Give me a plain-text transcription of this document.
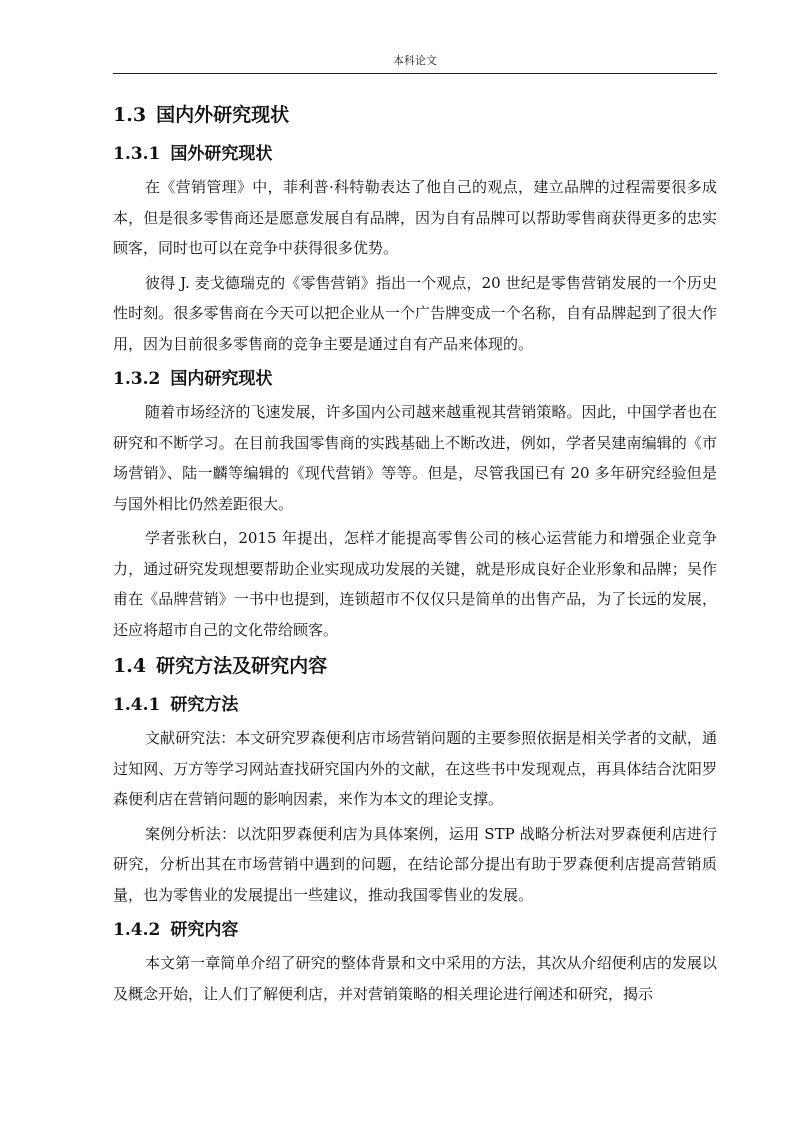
本科论文
1.3 国内外研究现状
1.3.1 国外研究现状

在《营销管理》中，菲利普·科特勒表达了他自己的观点，建立品牌的过程需要很多成本，但是很多零售商还是愿意发展自有品牌，因为自有品牌可以帮助零售商获得更多的忠实顾客，同时也可以在竞争中获得很多优势。

彼得 J. 麦戈德瑞克的《零售营销》指出一个观点，20 世纪是零售营销发展的一个历史性时刻。很多零售商在今天可以把企业从一个广告牌变成一个名称，自有品牌起到了很大作用，因为目前很多零售商的竞争主要是通过自有产品来体现的。

1.3.2 国内研究现状

随着市场经济的飞速发展，许多国内公司越来越重视其营销策略。因此，中国学者也在研究和不断学习。在目前我国零售商的实践基础上不断改进，例如，学者吴建南编辑的《市场营销》、陆一麟等编辑的《现代营销》等等。但是，尽管我国已有 20 多年研究经验但是与国外相比仍然差距很大。

学者张秋白，2015 年提出，怎样才能提高零售公司的核心运营能力和增强企业竞争力，通过研究发现想要帮助企业实现成功发展的关键，就是形成良好企业形象和品牌；吴作甫在《品牌营销》一书中也提到，连锁超市不仅仅只是简单的出售产品，为了长远的发展，还应将超市自己的文化带给顾客。

1.4 研究方法及研究内容
1.4.1 研究方法

文献研究法：本文研究罗森便利店市场营销问题的主要参照依据是相关学者的文献，通过知网、万方等学习网站查找研究国内外的文献，在这些书中发现观点，再具体结合沈阳罗森便利店在营销问题的影响因素，来作为本文的理论支撑。

案例分析法：以沈阳罗森便利店为具体案例，运用 STP 战略分析法对罗森便利店进行研究，分析出其在市场营销中遇到的问题，在结论部分提出有助于罗森便利店提高营销质量，也为零售业的发展提出一些建议，推动我国零售业的发展。

1.4.2 研究内容

本文第一章简单介绍了研究的整体背景和文中采用的方法，其次从介绍便利店的发展以及概念开始，让人们了解便利店，并对营销策略的相关理论进行阐述和研究，揭示
